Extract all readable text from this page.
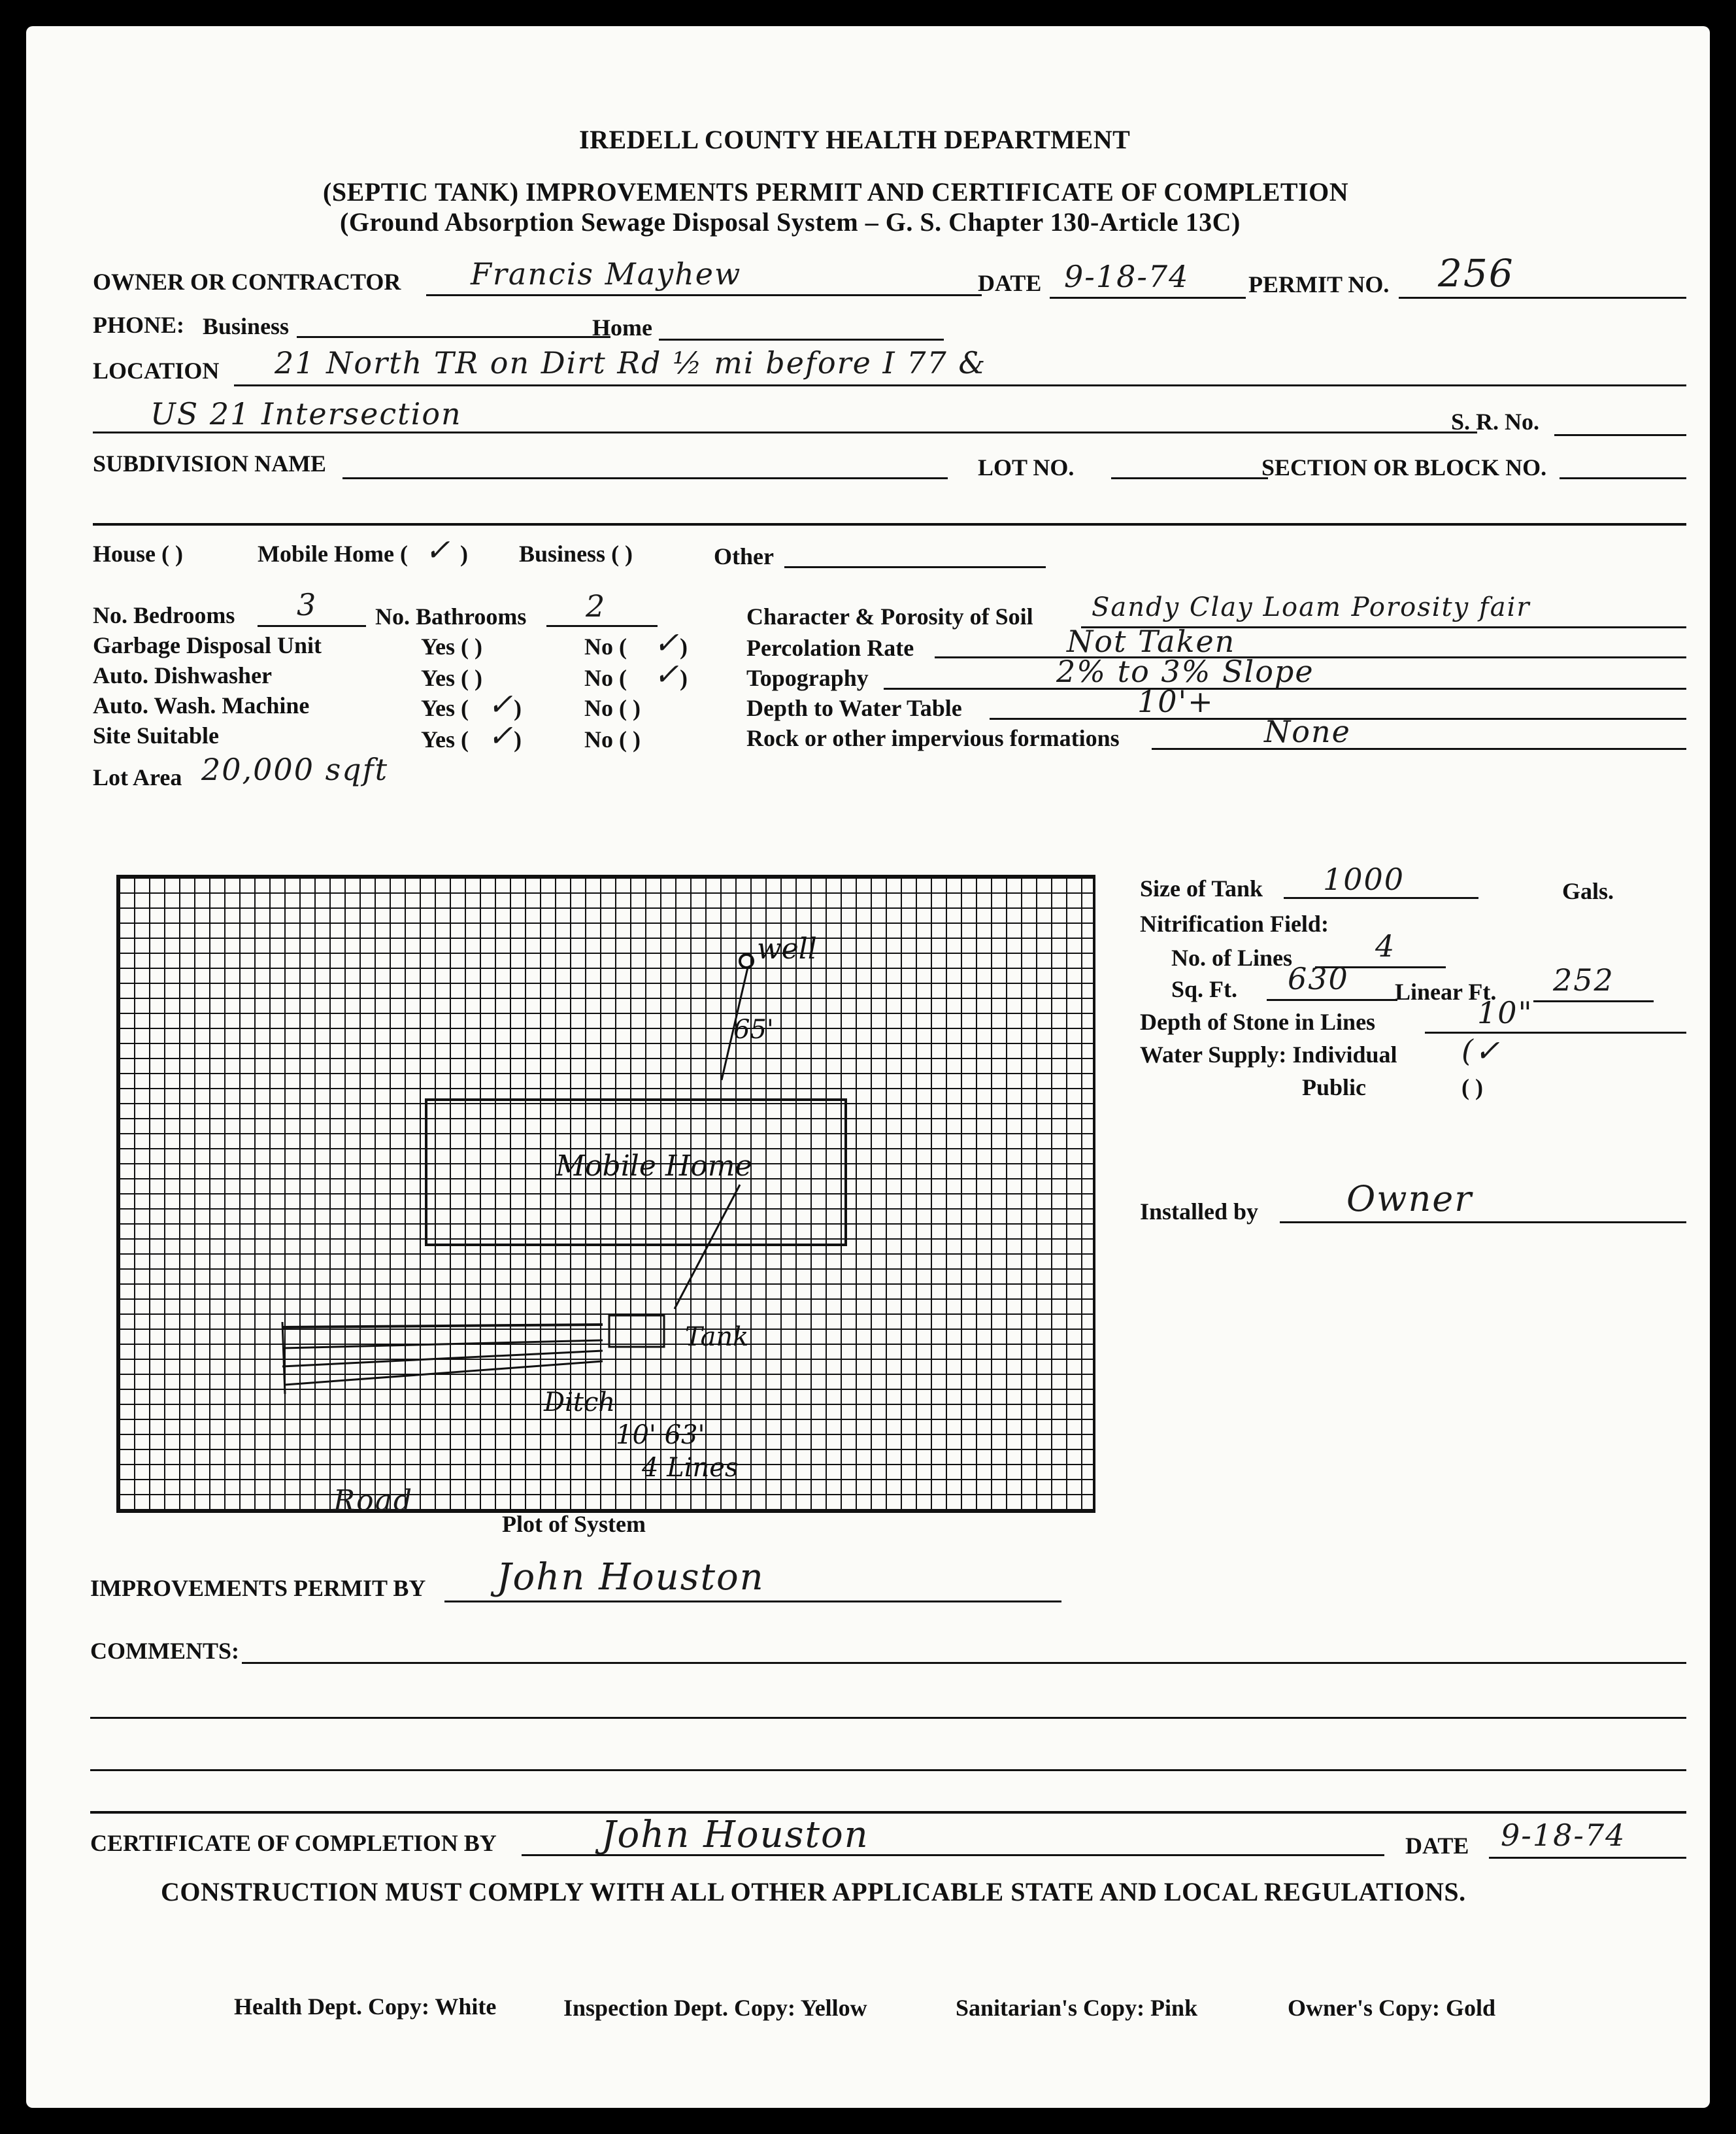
IREDELL COUNTY HEALTH DEPARTMENT
(SEPTIC TANK) IMPROVEMENTS PERMIT AND CERTIFICATE OF COMPLETION
(Ground Absorption Sewage Disposal System – G. S. Chapter 130-Article 13C)
OWNER OR CONTRACTOR Francis Mayhew	DATE 9-18-74	PERMIT NO. 256
PHONE: Business	Home
LOCATION 21 North TR on Dirt Rd ½ mi before I 77 &
US 21 Intersection	S. R. No.
SUBDIVISION NAME	LOT NO.	SECTION OR BLOCK NO.
House ( )	Mobile Home ( ✓ ) Business ( )	Other
No. Bedrooms 3 No. Bathrooms 2
Garbage Disposal Unit	Yes ( )	No ( ✓ )
Auto. Dishwasher	Yes ( )	No ( ✓ )
Auto. Wash. Machine	Yes ( ✓ )	No ( )
Site Suitable	Yes ( ✓ )	No ( )
Lot Area 20,000 sqft
Character & Porosity of Soil Sandy Clay Loam Porosity fair
Percolation Rate	Not Taken
Topography	2% to 3% Slope
Depth to Water Table	10'+
Rock or other impervious formations	None
well
65'
Mobile Home
Tank
Ditch
10' 63'
4 Lines
Road
Plot of System
Size of Tank 1000	Gals.
Nitrification Field:
No. of Lines	4
Sq. Ft. 630 Linear Ft. 252
Depth of Stone in Lines	10"
Water Supply: Individual (✓
Public	( )
Installed by Owner
IMPROVEMENTS PERMIT BY John Houston
COMMENTS:
CERTIFICATE OF COMPLETION BY	John Houston	DATE 9-18-74
CONSTRUCTION MUST COMPLY WITH ALL OTHER APPLICABLE STATE AND LOCAL REGULATIONS.
Health Dept. Copy: White	Inspection Dept. Copy: Yellow	Sanitarian's Copy: Pink	Owner's Copy: Gold
